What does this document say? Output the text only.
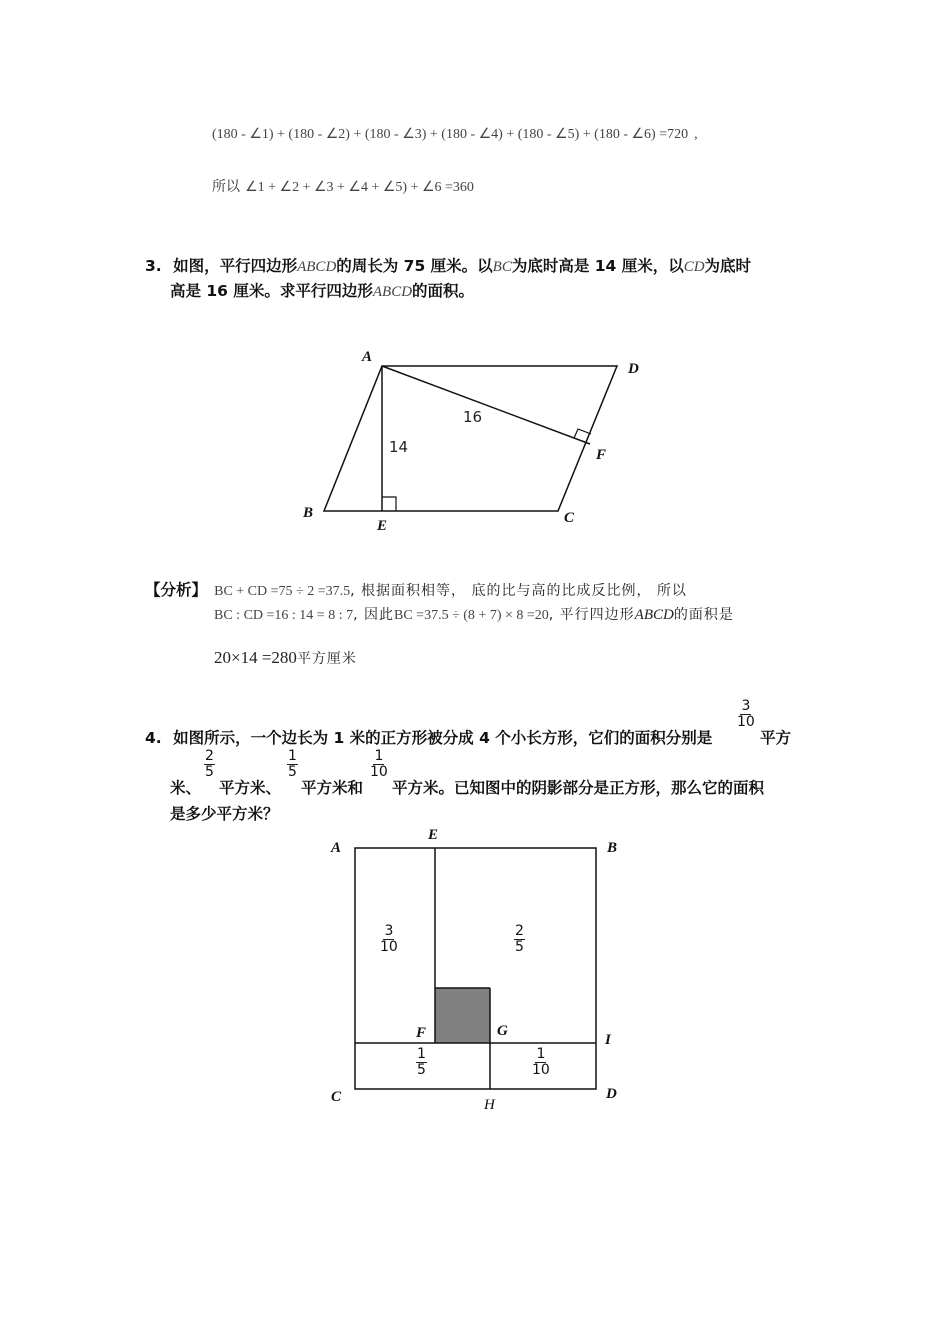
(180 - ∠1) + (180 - ∠2) + (180 - ∠3) + (180 - ∠4) + (180 - ∠5) + (180 - ∠6) =720 ,
所以 ∠1 + ∠2 + ∠3 + ∠4 + ∠5) + ∠6 =360
3. 如图，平行四边形ABCD的周长为 75 厘米。以BC为底时高是 14 厘米，以CD为底时
高是 16 厘米。求平行四边形ABCD的面积。
A
D
B
E	C
F
14
16
【分析】 BC + CD =75 ÷ 2 =37.5, 根据面积相等， 底的比与高的比成反比例， 所以
BC : CD =16 : 14 = 8 : 7, 因此BC =37.5 ÷ (8 + 7) × 8 =20, 平行四边形ABCD的面积是
20×14 =280平方厘米
4. 如图所示，一个边长为 1 米的正方形被分成 4 个小长方形，它们的面积分别是
$\frac{3}{10}$
平方
米、
$\frac{2}{5}$
平方米、
$\frac{1}{5}$
平方米和
$\frac{1}{10}$
平方米。已知图中的阴影部分是正方形，那么它的面积
是多少平方米？
A
E
B
F	G
I
C	D
H
$\frac{3}{10}$	$\frac{2}{5}$
$\frac{1}{5}$	$\frac{1}{10}$
